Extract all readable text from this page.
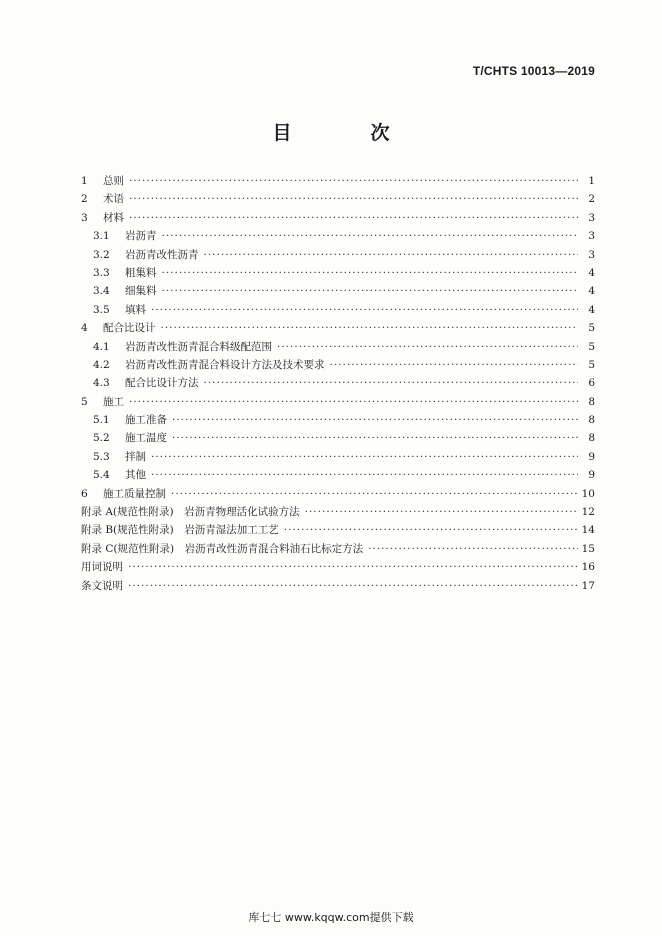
T/CHTS 10013—2019
目　次
1	总则 ·····	1
2	术语 ·····	2
3	材料 ·····	3
3.1	岩沥青 ·····	3
3.2	岩沥青改性沥青 ·····	3
3.3	粗集料 ·····	4
3.4	细集料 ·····	4
3.5	填料 ·····	4
4	配合比设计 ·····	5
4.1	岩沥青改性沥青混合料级配范围 ·····	5
4.2	岩沥青改性沥青混合料设计方法及技术要求 ·····	5
4.3	配合比设计方法 ·····	6
5	施工 ·····	8
5.1	施工准备 ·····	8
5.2	施工温度 ·····	8
5.3	拌制 ·····	9
5.4	其他 ·····	9
6	施工质量控制 ·····	10
附录 A(规范性附录)　岩沥青物理活化试验方法 ·····	12
附录 B(规范性附录)　岩沥青湿法加工工艺 ·····	14
附录 C(规范性附录)　岩沥青改性沥青混合料油石比标定方法 ·····	15
用词说明 ·····	16
条文说明 ·····	17
库七七 www.kqqw.com提供下载
